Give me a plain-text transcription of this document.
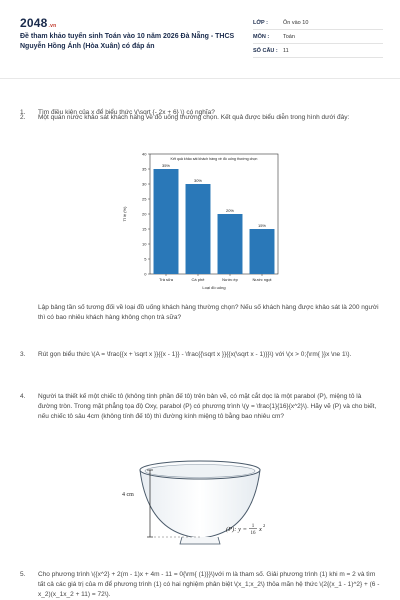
2048.vn
Đề tham khảo tuyển sinh Toán vào 10 năm 2026 Đà Nẵng - THCS Nguyễn Hồng Ánh (Hòa Xuân) có đáp án
LỚP :	Ôn vào 10
MÔN :	Toán
SỐ CÂU : 11
1.	Tìm điều kiện của x để biểu thức \(\sqrt {- 2x + 6} \) có nghĩa?
2.	Một quán nước khảo sát khách hàng về đồ uống thường chọn. Kết quả được biểu diễn trong hình dưới đây:
Kết quả khảo sát khách hàng về đồ uống thường chọn
0
5
10
15
20
25
30
35
40
Tỉ lệ (%)
35%
Trà sữa
30%
Cà phê
20%
Nước ép
15%
Nước ngọt
Loại đồ uống
Lập bảng tần số tương đối về loại đồ uống khách hàng thường chọn? Nếu số khách hàng được khảo sát là 200 người thì có bao nhiêu khách hàng không chọn trà sữa?
3.	Rút gọn biểu thức \(A = \frac{{x + \sqrt x }}{{x - 1}} - \frac{{\sqrt x }}{{x(\sqrt x - 1)}}\) với \(x > 0;{\rm{ }}x \ne 1\).
4.	Người ta thiết kế một chiếc tô (không tính phần đế tô) trên bản vẽ, có mặt cắt dọc là một parabol (P), miệng tô là đường tròn. Trong mặt phẳng tọa độ Oxy, parabol (P) có phương trình \(y = \frac{1}{16}{x^2}\). Hãy vẽ (P) và cho biết, nếu chiếc tô sâu 4cm (không tính đế tô) thì đường kính miệng tô bằng bao nhiêu cm?
4 cm
(P): y = 1
16
x
2
5.	Cho phương trình \({x^2} + 2(m - 1)x + 4m - 11 = 0{\rm{ (1)}}\)với m là tham số. Giải phương trình (1) khi m = 2 và tìm tất cả các giá trị của m để phương trình (1) có hai nghiệm phân biệt \(x_1;x_2\) thỏa mãn hệ thức \(2{(x_1 - 1)^2} + (6 - x_2)(x_1x_2 + 11) = 72\).
